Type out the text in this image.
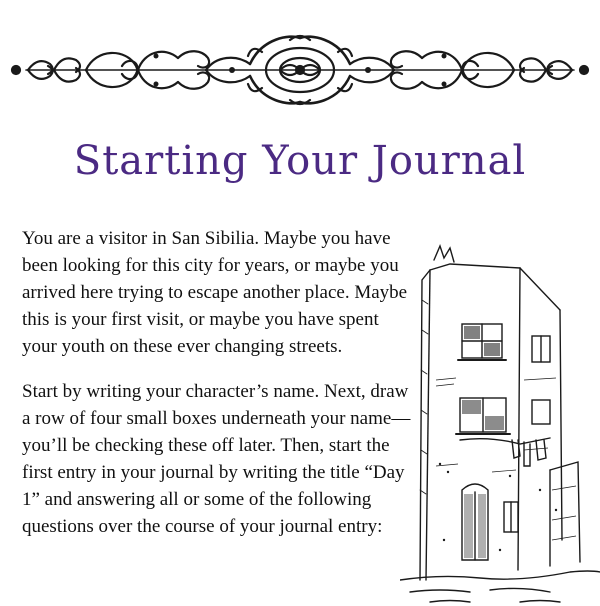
Starting Your Journal

You are a visitor in San Sibilia. Maybe you have been looking for this city for years, or maybe you arrived here trying to escape another place. Maybe this is your first visit, or maybe you have spent your youth on these ever changing streets.

Start by writing your character’s name. Next, draw a row of four small boxes underneath your name—you’ll be checking these off later. Then, start the first entry in your journal by writing the title “Day 1” and answering all or some of the following questions over the course of your journal entry:
